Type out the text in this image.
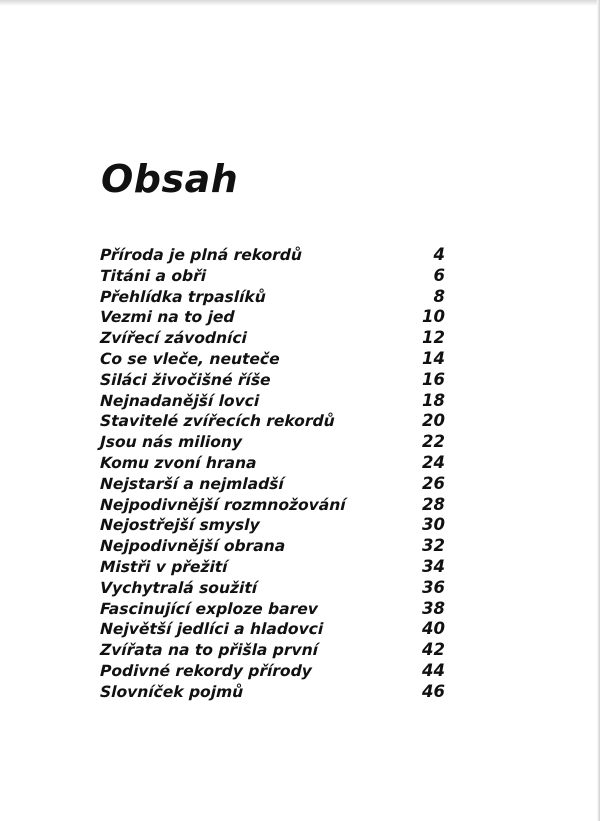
Obsah
Příroda je plná rekordů	4
Titáni a obři	6
Přehlídka trpaslíků	8
Vezmi na to jed	10
Zvířecí závodníci	12
Co se vleče, neuteče	14
Siláci živočišné říše	16
Nejnadanější lovci	18
Stavitelé zvířecích rekordů	20
Jsou nás miliony	22
Komu zvoní hrana	24
Nejstarší a nejmladší	26
Nejpodivnější rozmnožování	28
Nejostřejší smysly	30
Nejpodivnější obrana	32
Mistři v přežití	34
Vychytralá soužití	36
Fascinující exploze barev	38
Největší jedlíci a hladovci	40
Zvířata na to přišla první	42
Podivné rekordy přírody	44
Slovníček pojmů	46
